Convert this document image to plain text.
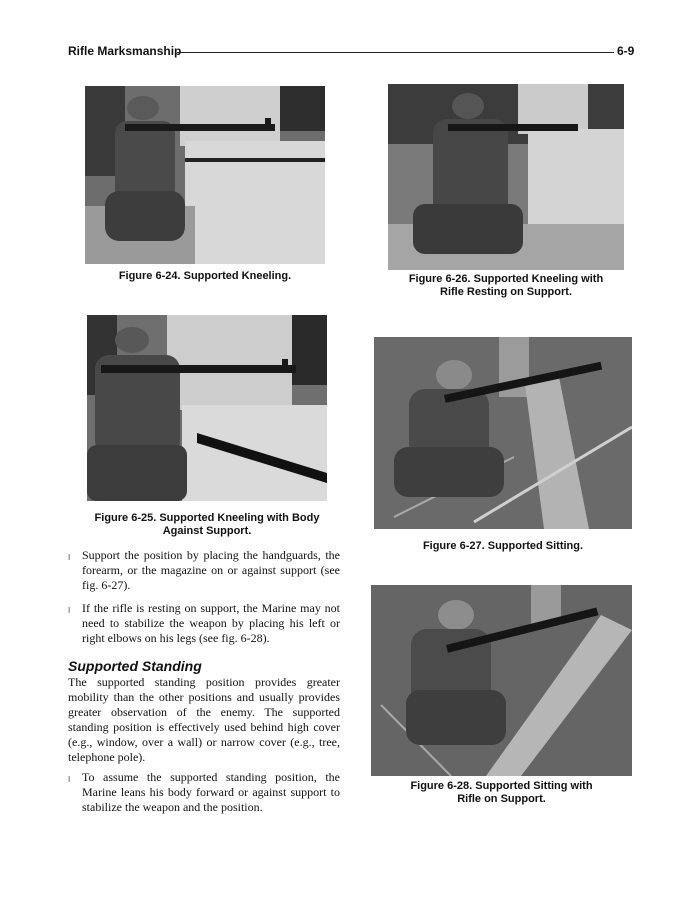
Rifle Marksmanship	6-9
Figure 6-24. Supported Kneeling.	Figure 6-26. Supported Kneeling with
Rifle Resting on Support.
Figure 6-25. Supported Kneeling with Body
Against Support.
Figure 6-27. Supported Sitting.
Figure 6-28. Supported Sitting with
Rifle on Support.
l Support the position by placing the handguards, the forearm, or the magazine on or against support (see fig. 6-27).
l If the rifle is resting on support, the Marine may not need to stabilize the weapon by placing his left or right elbows on his legs (see fig. 6-28).
Supported Standing
The supported standing position provides greater mobility than the other positions and usually provides greater observation of the enemy. The supported standing position is effectively used behind high cover (e.g., window, over a wall) or narrow cover (e.g., tree, telephone pole).
l To assume the supported standing position, the Marine leans his body forward or against support to stabilize the weapon and the position.
